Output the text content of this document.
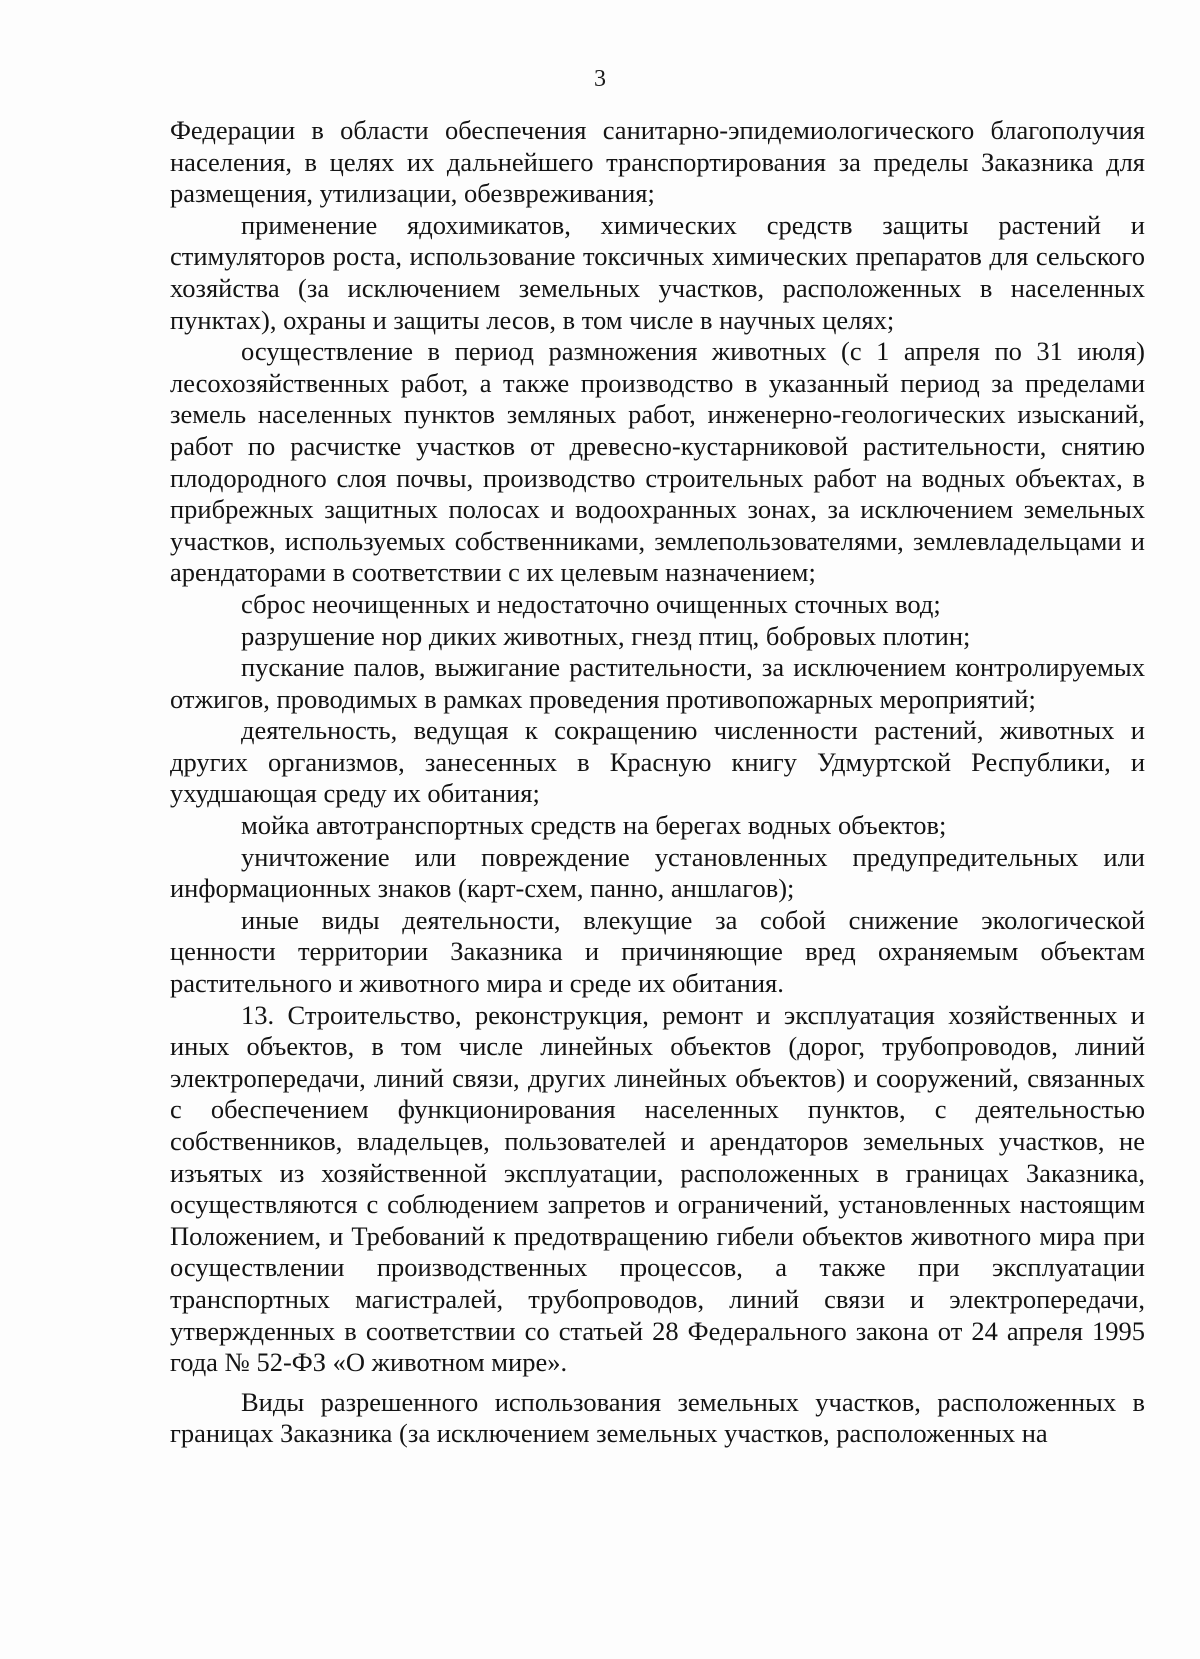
3

Федерации в области обеспечения санитарно-эпидемиологического благополучия населения, в целях их дальнейшего транспортирования за пределы Заказника для размещения, утилизации, обезвреживания;

применение ядохимикатов, химических средств защиты растений и стимуляторов роста, использование токсичных химических препаратов для сельского хозяйства (за исключением земельных участков, расположенных в населенных пунктах), охраны и защиты лесов, в том числе в научных целях;

осуществление в период размножения животных (с 1 апреля по 31 июля) лесохозяйственных работ, а также производство в указанный период за пределами земель населенных пунктов земляных работ, инженерно-геологических изысканий, работ по расчистке участков от древесно-кустарниковой растительности, снятию плодородного слоя почвы, производство строительных работ на водных объектах, в прибрежных защитных полосах и водоохранных зонах, за исключением земельных участков, используемых собственниками, землепользователями, землевладельцами и арендаторами в соответствии с их целевым назначением;

сброс неочищенных и недостаточно очищенных сточных вод;

разрушение нор диких животных, гнезд птиц, бобровых плотин;

пускание палов, выжигание растительности, за исключением контролируемых отжигов, проводимых в рамках проведения противопожарных мероприятий;

деятельность, ведущая к сокращению численности растений, животных и других организмов, занесенных в Красную книгу Удмуртской Республики, и ухудшающая среду их обитания;

мойка автотранспортных средств на берегах водных объектов;

уничтожение или повреждение установленных предупредительных или информационных знаков (карт-схем, панно, аншлагов);

иные виды деятельности, влекущие за собой снижение экологической ценности территории Заказника и причиняющие вред охраняемым объектам растительного и животного мира и среде их обитания.

13. Строительство, реконструкция, ремонт и эксплуатация хозяйственных и иных объектов, в том числе линейных объектов (дорог, трубопроводов, линий электропередачи, линий связи, других линейных объектов) и сооружений, связанных с обеспечением функционирования населенных пунктов, с деятельностью собственников, владельцев, пользователей и арендаторов земельных участков, не изъятых из хозяйственной эксплуатации, расположенных в границах Заказника, осуществляются с соблюдением запретов и ограничений, установленных настоящим Положением, и Требований к предотвращению гибели объектов животного мира при осуществлении производственных процессов, а также при эксплуатации транспортных магистралей, трубопроводов, линий связи и электропередачи, утвержденных в соответствии со статьей 28 Федерального закона от 24 апреля 1995 года № 52-ФЗ «О животном мире».

Виды разрешенного использования земельных участков, расположенных в границах Заказника (за исключением земельных участков, расположенных на
